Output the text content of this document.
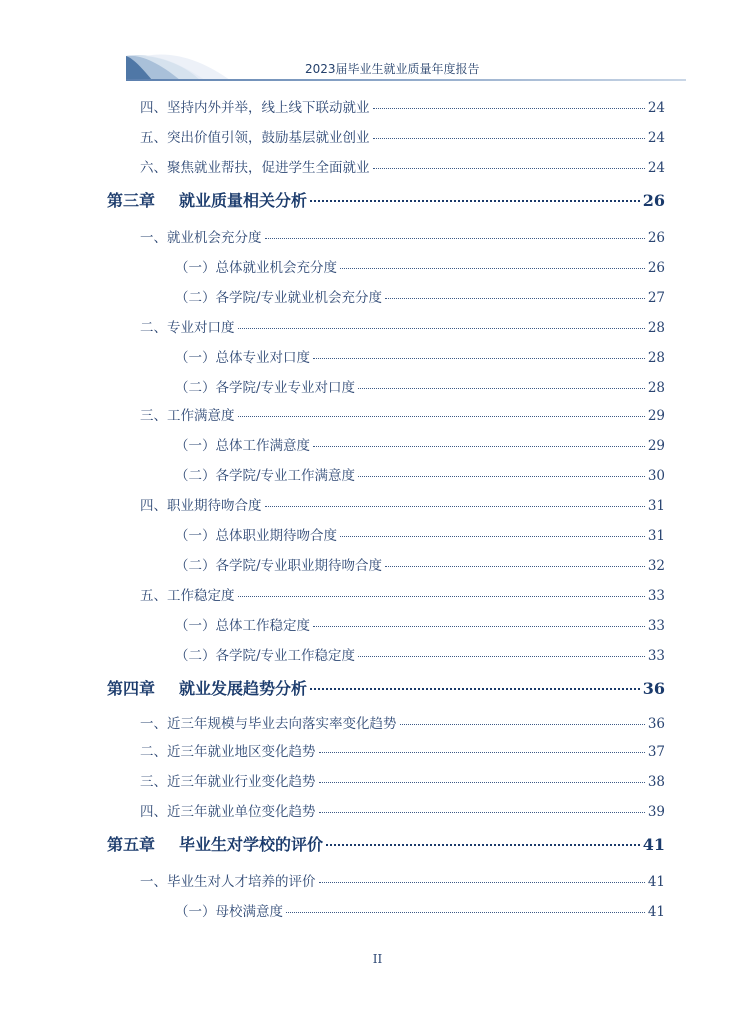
2023届毕业生就业质量年度报告
四、坚持内外并举，线上线下联动就业	24
五、突出价值引领，鼓励基层就业创业	24
六、聚焦就业帮扶，促进学生全面就业	24
第三章 就业质量相关分析	26
一、就业机会充分度	26
（一）总体就业机会充分度	26
（二）各学院/专业就业机会充分度	27
二、专业对口度	28
（一）总体专业对口度	28
（二）各学院/专业专业对口度	28
三、工作满意度	29
（一）总体工作满意度	29
（二）各学院/专业工作满意度	30
四、职业期待吻合度	31
（一）总体职业期待吻合度	31
（二）各学院/专业职业期待吻合度	32
五、工作稳定度	33
（一）总体工作稳定度	33
（二）各学院/专业工作稳定度	33
第四章 就业发展趋势分析	36
一、近三年规模与毕业去向落实率变化趋势	36
二、近三年就业地区变化趋势	37
三、近三年就业行业变化趋势	38
四、近三年就业单位变化趋势	39
第五章 毕业生对学校的评价	41
一、毕业生对人才培养的评价	41
（一）母校满意度	41
II
